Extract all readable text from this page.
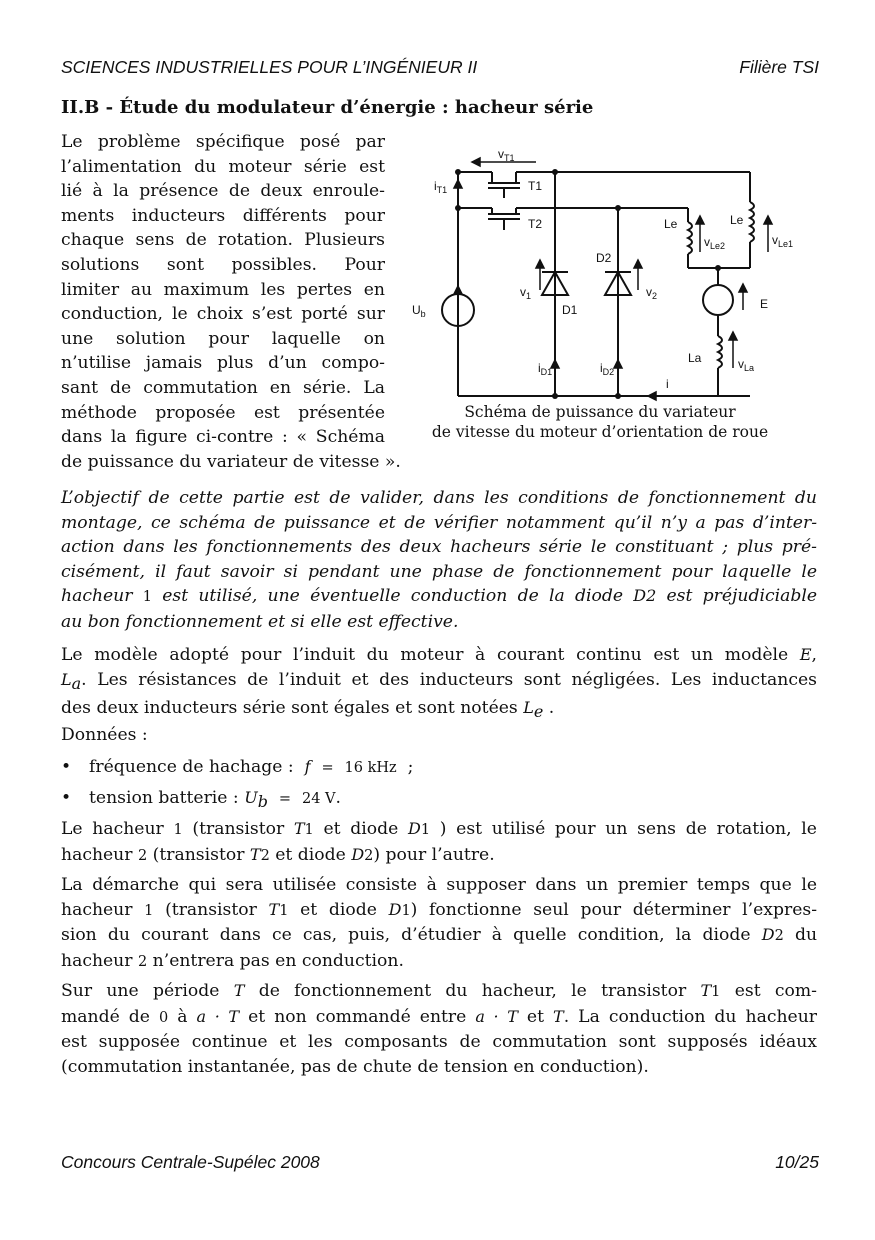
SCIENCES INDUSTRIELLES POUR L’INGÉNIEUR II	Filière TSI
II.B - Étude du modulateur d’énergie : hacheur série
Le problème spécifique posé par
l’alimentation du moteur série est
lié à la présence de deux enroule-
ments inducteurs différents pour
chaque sens de rotation. Plusieurs
solutions sont possibles. Pour
limiter au maximum les pertes en
conduction, le choix s’est porté sur
une solution pour laquelle on
n’utilise jamais plus d’un compo-
sant de commutation en série. La
méthode proposée est présentée
dans la figure ci-contre : « Schéma
de puissance du variateur de vitesse ».
$v_{T1}$
$i_{T1}$	T1
T2	Le	Le
$v_{Le2}$	$v_{Le1}$
D2
D1
$v_1$	$v_2$
$U_b$
E
La	$v_{La}$
$i_{D1}$	$i_{D2}$
i
Schéma de puissance du variateur
de vitesse du moteur d’orientation de roue
L’objectif de cette partie est de valider, dans les conditions de fonctionnement du
montage, ce schéma de puissance et de vérifier notamment qu’il n’y a pas d’inter-
action dans les fonctionnements des deux hacheurs série le constituant ; plus pré-
cisément, il faut savoir si pendant une phase de fonctionnement pour laquelle le
hacheur 1 est utilisé, une éventuelle conduction de la diode D2 est préjudiciable
au bon fonctionnement et si elle est effective.
Le modèle adopté pour l’induit du moteur à courant continu est un modèle E,
$L_a$. Les résistances de l’induit et des inducteurs sont négligées. Les inductances
des deux inducteurs série sont égales et sont notées $L_e$ .
Données :
• fréquence de hachage : f = 16 kHz ;
• tension batterie : $U_b = 24$ V.
Le hacheur 1 (transistor T1 et diode D1 ) est utilisé pour un sens de rotation, le
hacheur 2 (transistor T2 et diode D2) pour l’autre.
La démarche qui sera utilisée consiste à supposer dans un premier temps que le
hacheur 1 (transistor T1 et diode D1) fonctionne seul pour déterminer l’expres-
sion du courant dans ce cas, puis, d’étudier à quelle condition, la diode D2 du
hacheur 2 n’entrera pas en conduction.
Sur une période T de fonctionnement du hacheur, le transistor T1 est com-
mandé de 0 à a · T et non commandé entre a · T et T. La conduction du hacheur
est supposée continue et les composants de commutation sont supposés idéaux
(commutation instantanée, pas de chute de tension en conduction).
Concours Centrale-Supélec 2008	10/25
